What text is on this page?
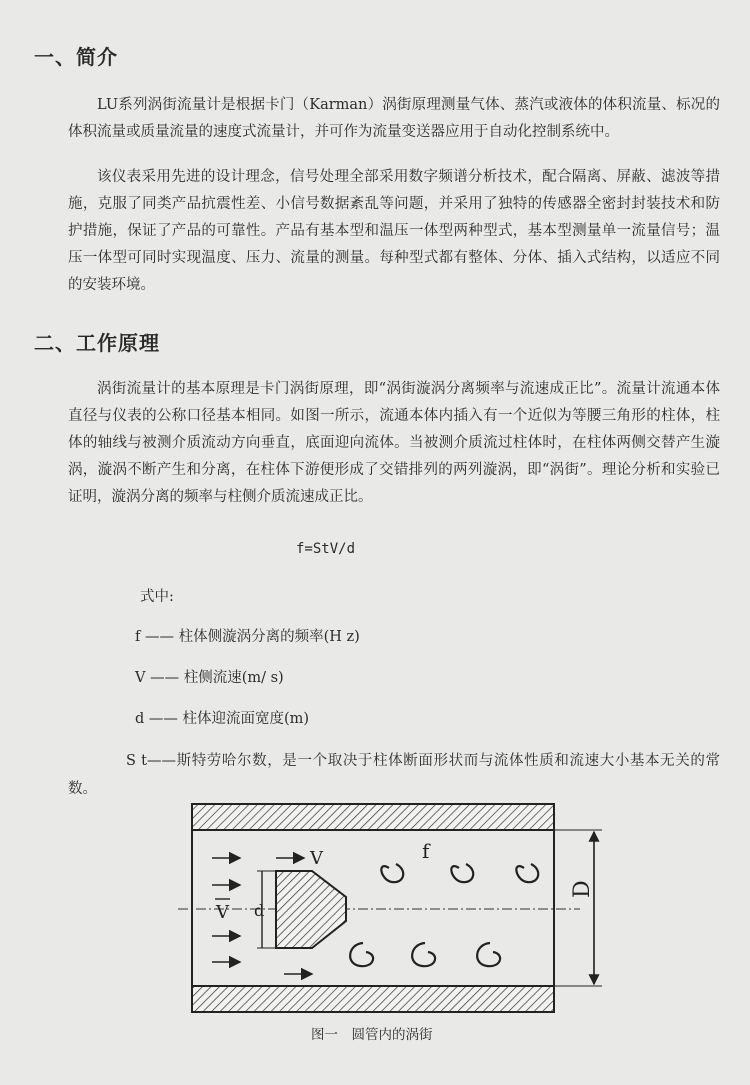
一、简介

LU系列涡街流量计是根据卡门（Karman）涡街原理测量气体、蒸汽或液体的体积流量、标况的体积流量或质量流量的速度式流量计，并可作为流量变送器应用于自动化控制系统中。

该仪表采用先进的设计理念，信号处理全部采用数字频谱分析技术，配合隔离、屏蔽、滤波等措施，克服了同类产品抗震性差、小信号数据紊乱等问题，并采用了独特的传感器全密封封装技术和防护措施，保证了产品的可靠性。产品有基本型和温压一体型两种型式，基本型测量单一流量信号；温压一体型可同时实现温度、压力、流量的测量。每种型式都有整体、分体、插入式结构，以适应不同的安装环境。

二、工作原理

涡街流量计的基本原理是卡门涡街原理，即“涡街漩涡分离频率与流速成正比”。流量计流通本体直径与仪表的公称口径基本相同。如图一所示，流通本体内插入有一个近似为等腰三角形的柱体，柱体的轴线与被测介质流动方向垂直，底面迎向流体。当被测介质流过柱体时，在柱体两侧交替产生漩涡，漩涡不断产生和分离，在柱体下游便形成了交错排列的两列漩涡，即“涡街”。理论分析和实验已证明，漩涡分离的频率与柱侧介质流速成正比。

f=StV/d

式中:

f —— 柱体侧漩涡分离的频率(H z)

V —— 柱侧流速(m/ s)

d —— 柱体迎流面宽度(m)

S t——斯特劳哈尔数，是一个取决于柱体断面形状而与流体性质和流速大小基本无关的常数。

V
V d
f
D

图一　圆管内的涡街
